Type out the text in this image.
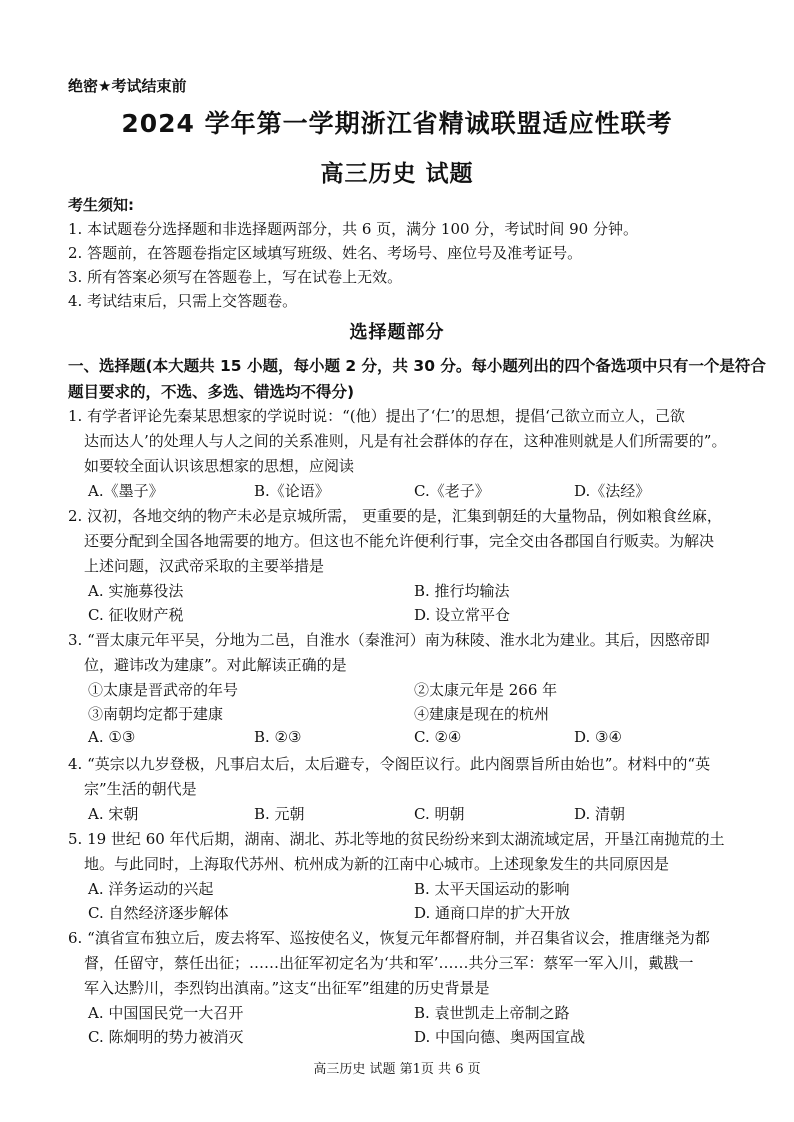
绝密★考试结束前
2024 学年第一学期浙江省精诚联盟适应性联考
高三历史 试题
考生须知:
1. 本试题卷分选择题和非选择题两部分，共 6 页，满分 100 分，考试时间 90 分钟。
2. 答题前，在答题卷指定区域填写班级、姓名、考场号、座位号及准考证号。
3. 所有答案必须写在答题卷上，写在试卷上无效。
4. 考试结束后，只需上交答题卷。
选择题部分
一、选择题(本大题共 15 小题，每小题 2 分，共 30 分。每小题列出的四个备选项中只有一个是符合
题目要求的，不选、多选、错选均不得分)
1. 有学者评论先秦某思想家的学说时说：“(他）提出了‘仁’的思想，提倡‘己欲立而立人，己欲
达而达人’的处理人与人之间的关系准则，凡是有社会群体的存在，这种准则就是人们所需要的”。
如要较全面认识该思想家的思想，应阅读
A.《墨子》	B.《论语》	C.《老子》	D.《法经》
2. 汉初，各地交纳的物产未必是京城所需， 更重要的是，汇集到朝廷的大量物品，例如粮食丝麻，
还要分配到全国各地需要的地方。但这也不能允许便利行事，完全交由各郡国自行贩卖。为解决
上述问题，汉武帝采取的主要举措是
A. 实施募役法	B. 推行均输法
C. 征收财产税	D. 设立常平仓
3. “晋太康元年平吴，分地为二邑，自淮水（秦淮河）南为秣陵、淮水北为建业。其后，因愍帝即
位，避讳改为建康”。对此解读正确的是
①太康是晋武帝的年号	②太康元年是 266 年
③南朝均定都于建康	④建康是现在的杭州
A. ①③	B. ②③	C. ②④	D. ③④
4. “英宗以九岁登极，凡事启太后，太后避专，令阁臣议行。此内阁票旨所由始也”。材料中的“英
宗”生活的朝代是
A. 宋朝	B. 元朝	C. 明朝	D. 清朝
5. 19 世纪 60 年代后期，湖南、湖北、苏北等地的贫民纷纷来到太湖流域定居，开垦江南抛荒的土
地。与此同时，上海取代苏州、杭州成为新的江南中心城市。上述现象发生的共同原因是
A. 洋务运动的兴起	B. 太平天国运动的影响
C. 自然经济逐步解体	D. 通商口岸的扩大开放
6. “滇省宣布独立后，废去将军、巡按使名义，恢复元年都督府制，并召集省议会，推唐继尧为都
督，任留守，蔡任出征；……出征军初定名为‘共和军’……共分三军：蔡军一军入川，戴戡一
军入达黔川，李烈钧出滇南。”这支“出征军”组建的历史背景是
A. 中国国民党一大召开	B. 袁世凯走上帝制之路
C. 陈炯明的势力被消灭	D. 中国向德、奥两国宣战
高三历史 试题 第1页 共 6 页
